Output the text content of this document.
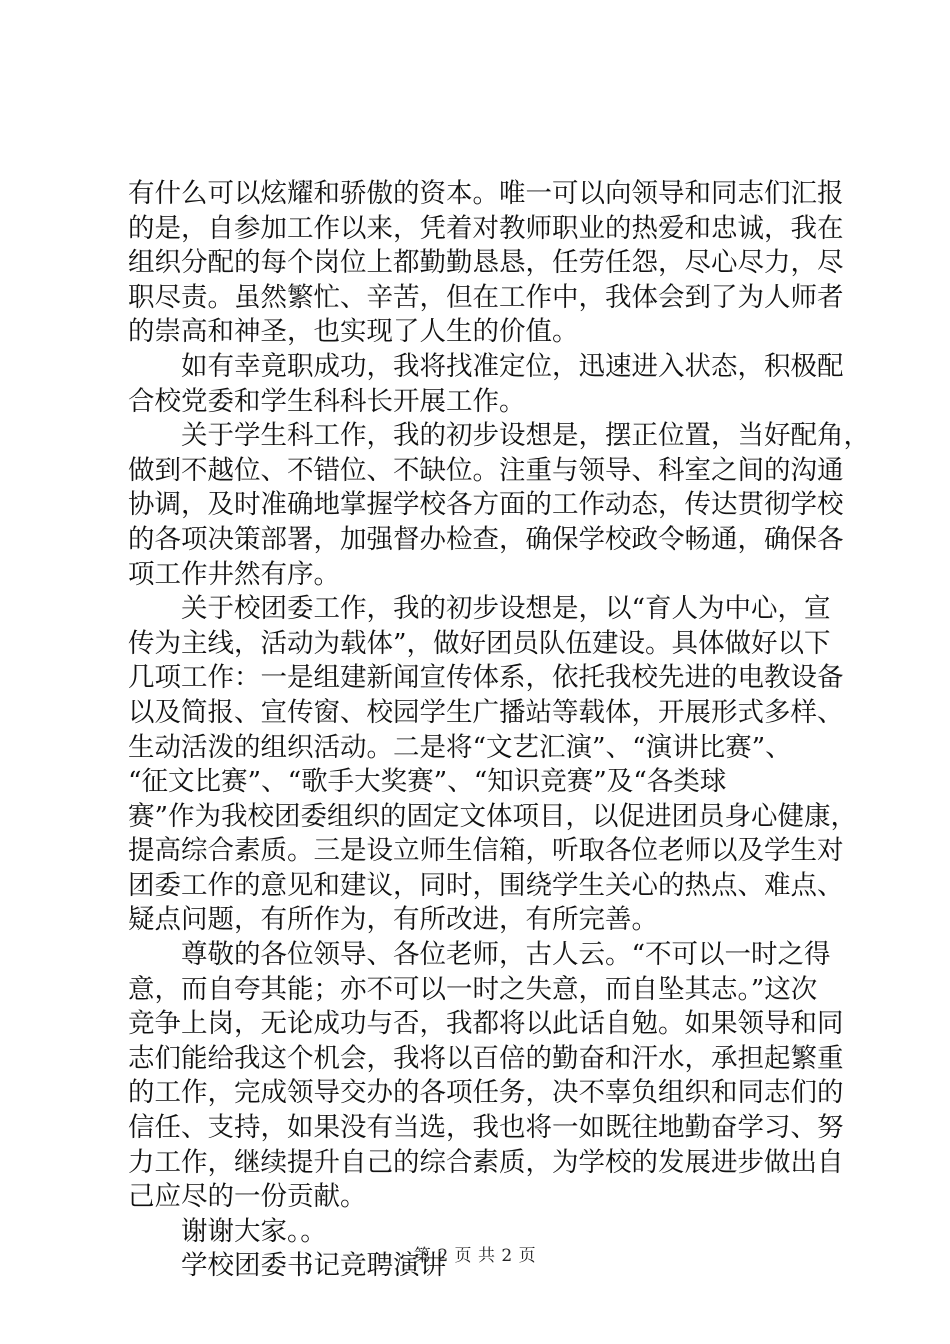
有什么可以炫耀和骄傲的资本。唯一可以向领导和同志们汇报
的是，自参加工作以来，凭着对教师职业的热爱和忠诚，我在
组织分配的每个岗位上都勤勤恳恳，任劳任怨，尽心尽力，尽
职尽责。虽然繁忙、辛苦，但在工作中，我体会到了为人师者
的崇高和神圣，也实现了人生的价值。
如有幸竟职成功，我将找准定位，迅速进入状态，积极配
合校党委和学生科科长开展工作。
关于学生科工作，我的初步设想是，摆正位置，当好配角，
做到不越位、不错位、不缺位。注重与领导、科室之间的沟通
协调，及时准确地掌握学校各方面的工作动态，传达贯彻学校
的各项决策部署，加强督办检查，确保学校政令畅通，确保各
项工作井然有序。
关于校团委工作，我的初步设想是，以“育人为中心，宣
传为主线，活动为载体”，做好团员队伍建设。具体做好以下
几项工作：一是组建新闻宣传体系，依托我校先进的电教设备
以及简报、宣传窗、校园学生广播站等载体，开展形式多样、
生动活泼的组织活动。二是将“文艺汇演”、“演讲比赛”、
“征文比赛”、“歌手大奖赛”、“知识竞赛”及“各类球
赛”作为我校团委组织的固定文体项目，以促进团员身心健康，
提高综合素质。三是设立师生信箱，听取各位老师以及学生对
团委工作的意见和建议，同时，围绕学生关心的热点、难点、
疑点问题，有所作为，有所改进，有所完善。
尊敬的各位领导、各位老师，古人云。“不可以一时之得
意，而自夸其能；亦不可以一时之失意，而自坠其志。”这次
竞争上岗，无论成功与否，我都将以此话自勉。如果领导和同
志们能给我这个机会，我将以百倍的勤奋和汗水，承担起繁重
的工作，完成领导交办的各项任务，决不辜负组织和同志们的
信任、支持，如果没有当选，我也将一如既往地勤奋学习、努
力工作，继续提升自己的综合素质，为学校的发展进步做出自
己应尽的一份贡献。
谢谢大家。。
学校团委书记竞聘演讲
第 2 页 共 2 页
